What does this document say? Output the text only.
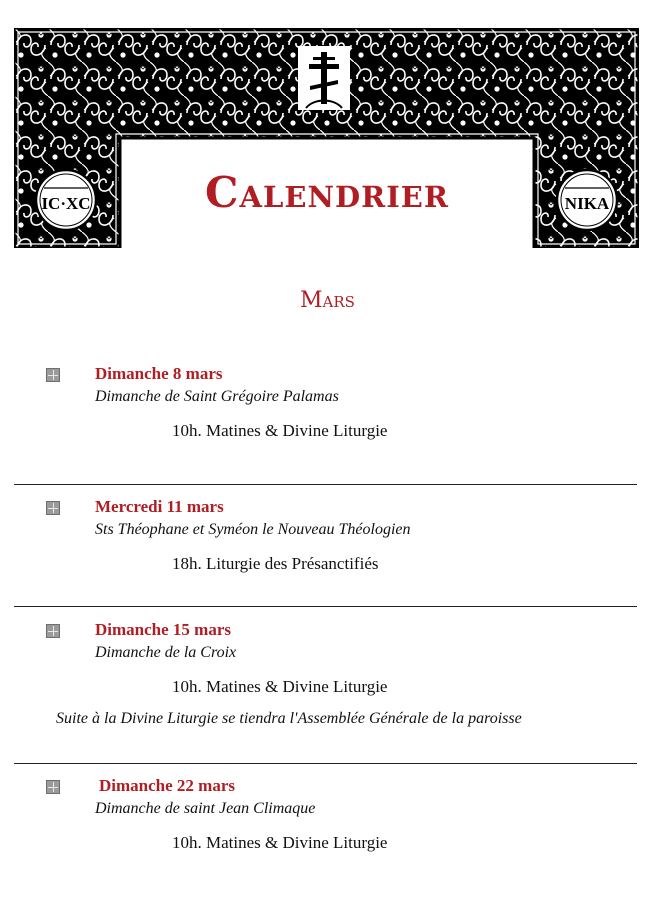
IC·XC	NIKA
Calendrier
Mars
Dimanche 8 mars
Dimanche de Saint Grégoire Palamas
10h. Matines & Divine Liturgie
Mercredi 11 mars
Sts Théophane et Syméon le Nouveau Théologien
18h. Liturgie des Présanctifiés
Dimanche 15 mars
Dimanche de la Croix
10h. Matines & Divine Liturgie
Suite à la Divine Liturgie se tiendra l'Assemblée Générale de la paroisse
Dimanche 22 mars
Dimanche de saint Jean Climaque
10h. Matines & Divine Liturgie
